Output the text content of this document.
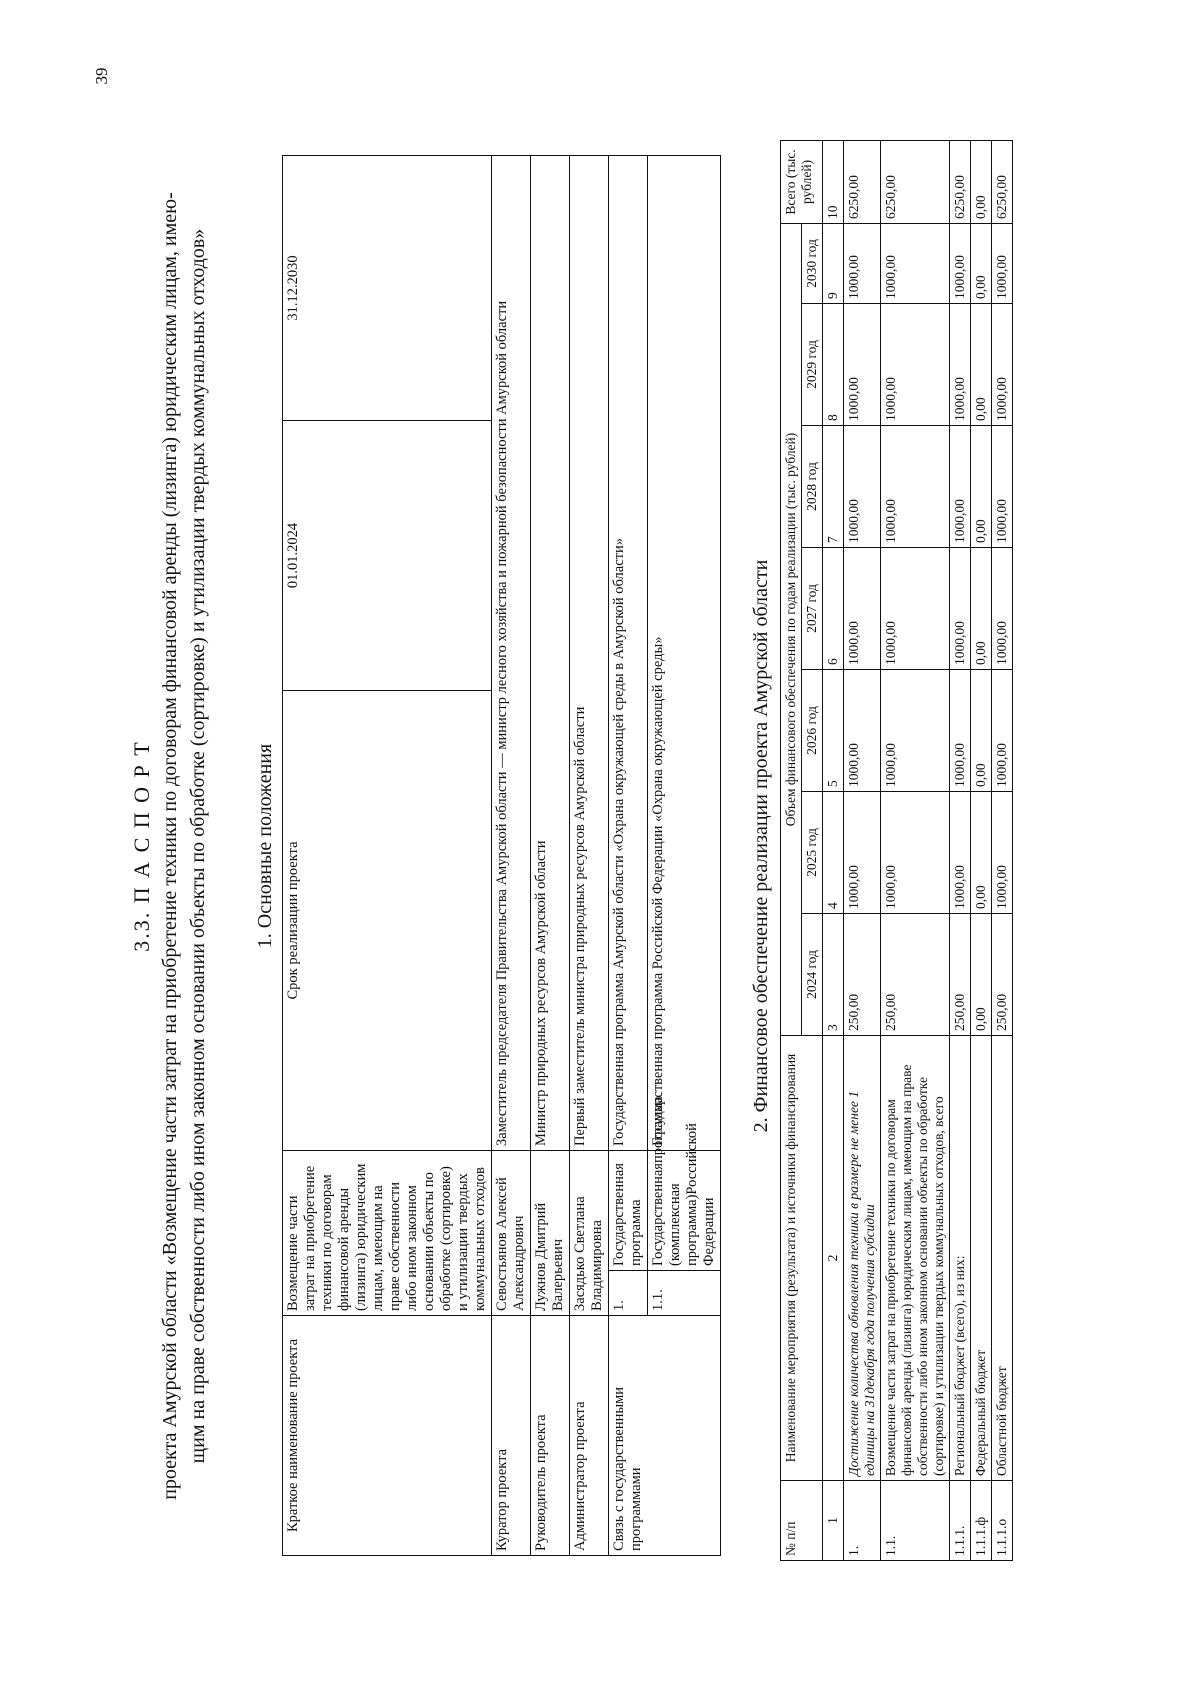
39
3.3. П А С П О Р Т проекта Амурской области «Возмещение части затрат на приобретение техники по договорам финансовой аренды (лизинга) юридическим лицам, имею- щим на праве собственности либо ином законном основании объекты по обработке (сортировке) и утилизации твердых коммунальных отходов» 1. Основные положения
Краткое наименование проекта	Возмещение части затрат на приобретение техники по договорам финансовой аренды (лизинга) юридическим лицам, имеющим на праве собственности либо ином законном основании объекты по обработке (сортировке) и утилизации твердых коммунальных отходов		Срок реализации проекта	01.01.2024	31.12.2030
Куратор проекта	Севостьянов Алексей Александрович		Заместитель председателя Правительства Амурской области — министр лесного хозяйства и пожарной безопасности Амурской области		
Руководитель проекта	Лужнов Дмитрий Валерьевич		Министр природных ресурсов Амурской области		
Администратор проекта	Засядько Светлана Владимировна		Первый заместитель министра природных ресурсов Амурской области		
Связь с государственными программами	1.	Государственная программа	Государственная программа Амурской области «Охрана окружающей среды в Амурской области»		
	1.1.	Государственнаяпрограмма (комплексная программа)Российской Федерации	Государственная программа Российской Федерации «Охрана окружающей среды»			2. Финансовое обеспечение реализации проекта Амурской области
№ п/п	Наименование мероприятия (результата) и источники финансирования	Объем финансового обеспечения по годам реализации (тыс. рублей)							Всего (тыс. рублей)
		2024 год	2025 год	2026 год	2027 год	2028 год	2029 год	2030 год	
1	2	3	4	5	6	7	8	9	10
1.	Достижение количества обновления техники в размере не менее 1 единицы на 31декабря года получения субсидии	250,00	1000,00	1000,00	1000,00	1000,00	1000,00	1000,00	6250,00
1.1.	Возмещение части затрат на приобретение техники по договорам финансовой аренды (лизинга) юридическим лицам, имеющим на праве собственности либо ином законном основании объекты по обработке (сортировке) и утилизации твердых коммунальных отходов, всего	250,00	1000,00	1000,00	1000,00	1000,00	1000,00	1000,00	6250,00
1.1.1.	Региональный бюджет (всего), из них:	250,00	1000,00	1000,00	1000,00	1000,00	1000,00	1000,00	6250,00
1.1.1.ф	Федеральный бюджет	0,00	0,00	0,00	0,00	0,00	0,00	0,00	0,00
1.1.1.о	Областной бюджет	250,00	1000,00	1000,00	1000,00	1000,00	1000,00	1000,00	6250,00
